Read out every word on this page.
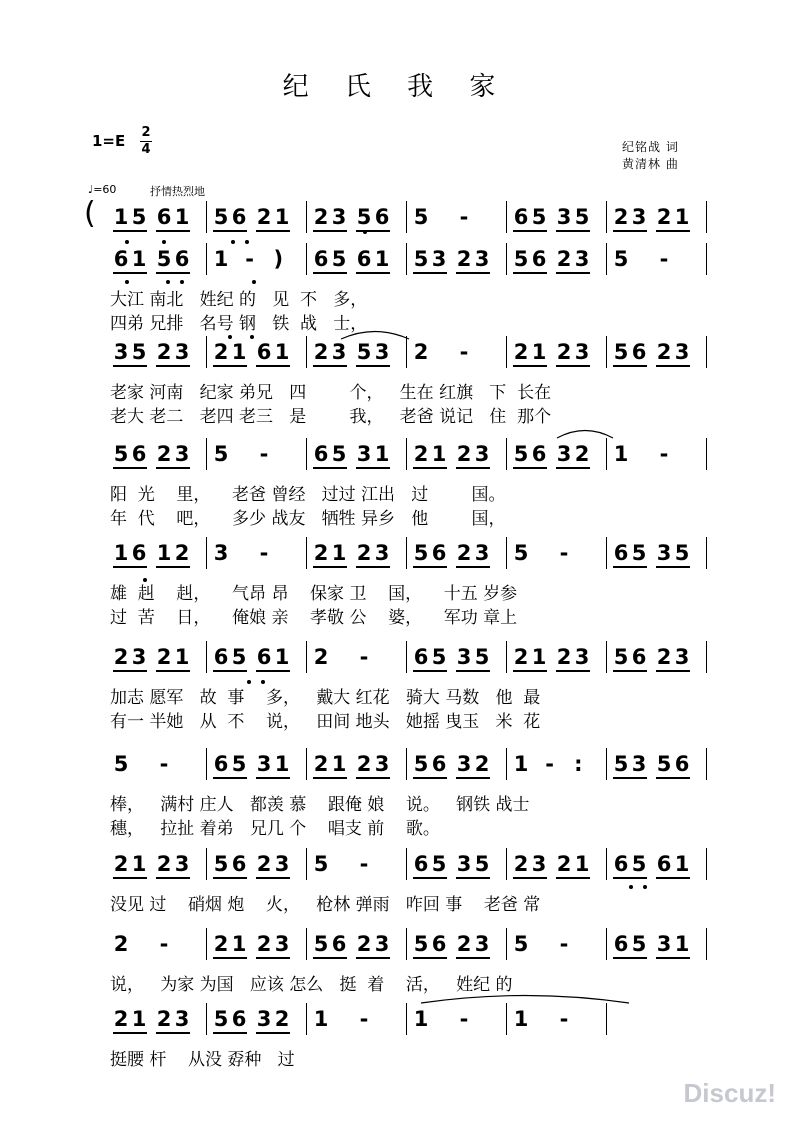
纪 氏 我 家
1=E 2
4	纪铭战 词
黄清林 曲
♩=60	抒情热烈地
( 1 5 6 1 5 6 2 1 2 3 5 6 5 - 6 5 3 5 2 3 2 1
6 1 5 6 1 - ) 6 5 6 1 5 3 2 3 5 6 2 3 5 -
大江 南北   姓纪 的   见  不   多，
四弟 兄排   名号 钢   铁  战   士，
3 5 2 3 2 1 6 1 2 3 5 3 2 - 2 1 2 3 5 6 2 3
老家 河南   纪家 弟兄   四        个，   生在 红旗   下  长在
老大 老二   老四 老三   是        我，   老爸 说记   住  那个
5 6 2 3 5 - 6 5 3 1 2 1 2 3 5 6 3 2 1 -
阳  光    里，    老爸 曾经   过过 江出   过        国。
年  代    吧，    多少 战友   牺牲 异乡   他        国，
1 6 1 2 3 - 2 1 2 3 5 6 2 3 5 - 6 5 3 5
雄  赳    赳，    气昂 昂    保家 卫    国，    十五 岁参
过  苦    日，    俺娘 亲    孝敬 公    婆，    军功 章上
2 3 2 1 6 5 6 1 2 - 6 5 3 5 2 1 2 3 5 6 2 3
加志 愿军   故  事    多，   戴大 红花   骑大 马数   他  最
有一 半她   从  不    说，   田间 地头   她摇 曳玉   米  花
5 - 6 5 3 1 2 1 2 3 5 6 3 2 1 - : 5 3 5 6
棒，   满村 庄人   都羡 慕    跟俺 娘    说。   钢铁 战士
穗，   拉扯 着弟   兄几 个    唱支 前    歌。
2 1 2 3 5 6 2 3 5 - 6 5 3 5 2 3 2 1 6 5 6 1
没见 过    硝烟 炮    火，   枪林 弹雨   咋回 事    老爸 常
2 - 2 1 2 3 5 6 2 3 5 6 2 3 5 - 6 5 3 1
说，   为家 为国   应该 怎么   挺  着    活，   姓纪 的
2 1 2 3 5 6 3 2 1 - 1 - 1 -
挺腰 杆    从没 孬种   过
Discuz!
